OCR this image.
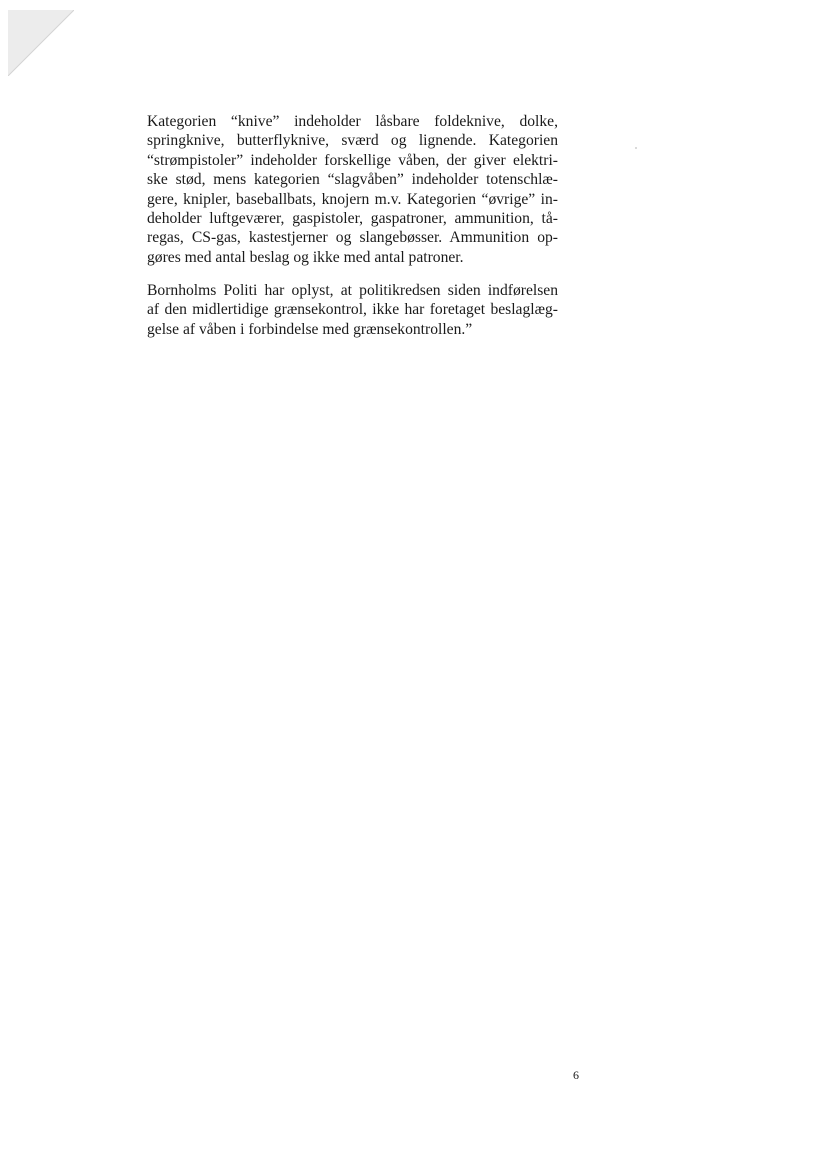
Kategorien “knive” indeholder låsbare foldeknive, dolke,
springknive, butterflyknive, sværd og lignende. Kategorien
“strømpistoler” indeholder forskellige våben, der giver elektri-
ske stød, mens kategorien “slagvåben” indeholder totenschlæ-
gere, knipler, baseballbats, knojern m.v. Kategorien “øvrige” in-
deholder luftgeværer, gaspistoler, gaspatroner, ammunition, tå-
regas, CS-gas, kastestjerner og slangebøsser. Ammunition op-
gøres med antal beslag og ikke med antal patroner.
Bornholms Politi har oplyst, at politikredsen siden indførelsen
af den midlertidige grænsekontrol, ikke har foretaget beslaglæg-
gelse af våben i forbindelse med grænsekontrollen.”
6
